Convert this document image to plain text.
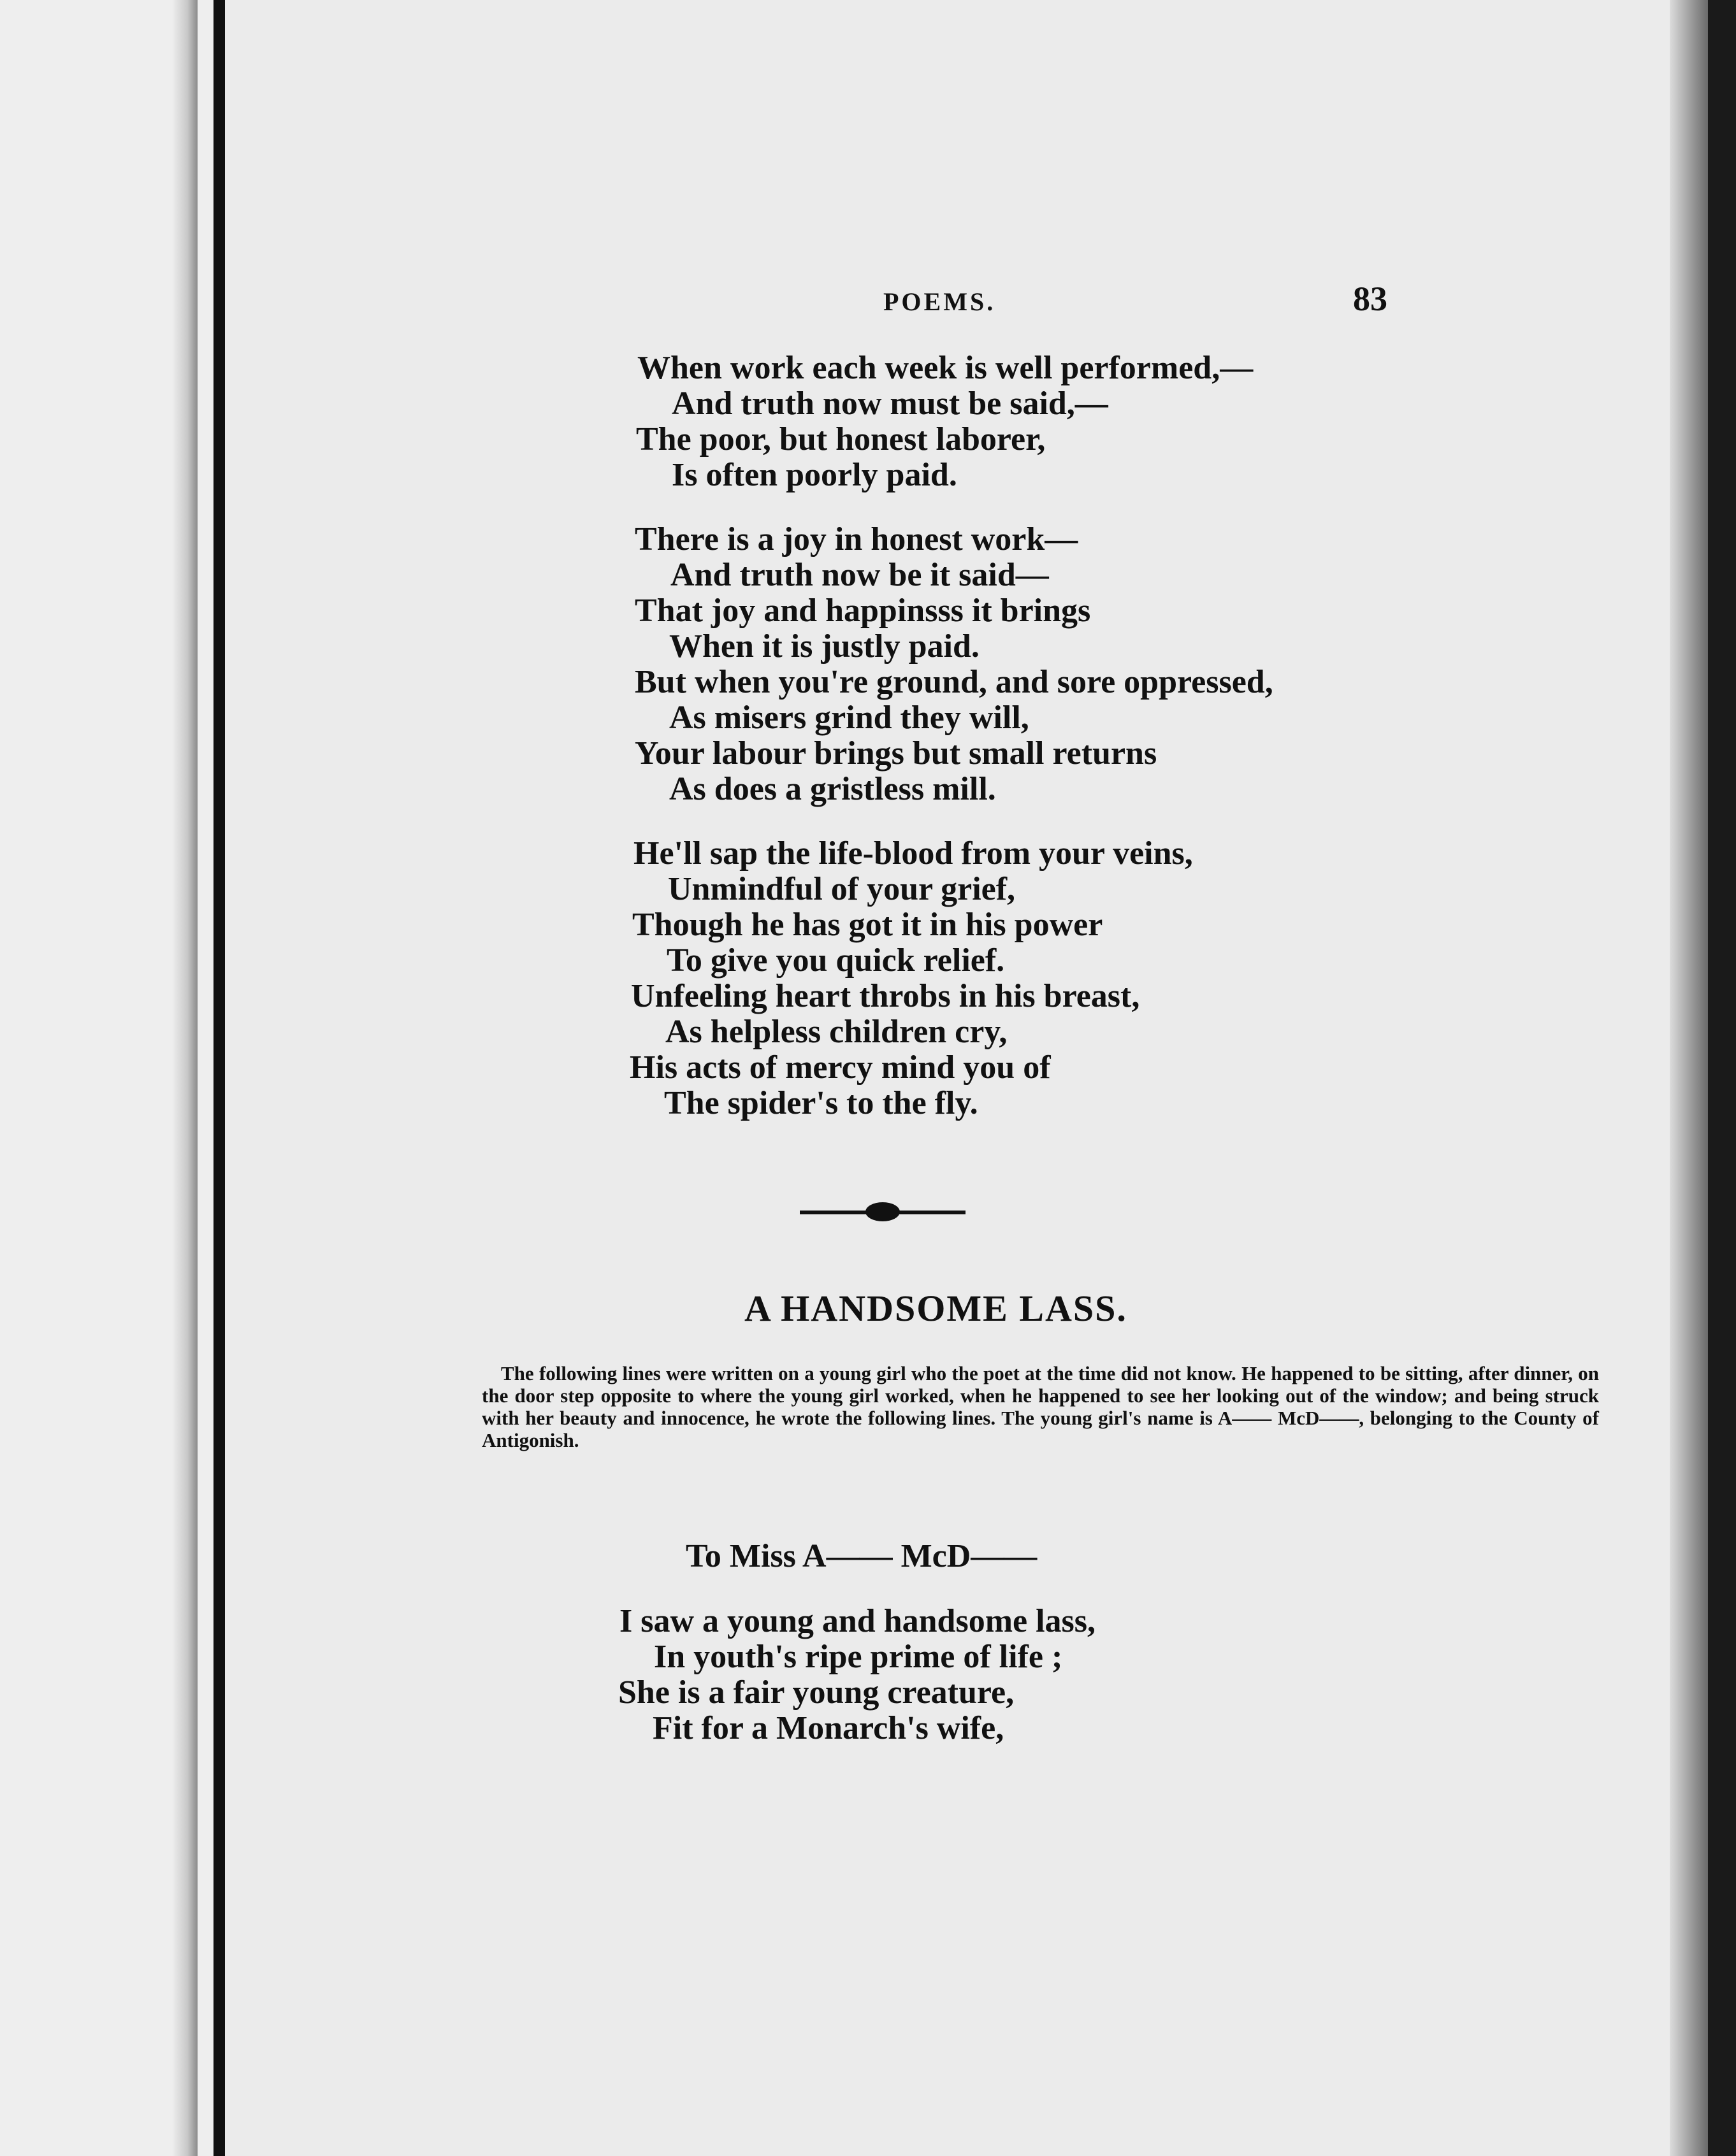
POEMS.	83
When work each week is well performed,—
And truth now must be said,—
The poor, but honest laborer,
Is often poorly paid.
There is a joy in honest work—
And truth now be it said—
That joy and happinsss it brings
When it is justly paid.
But when you're ground, and sore oppressed,
As misers grind they will,
Your labour brings but small returns
As does a gristless mill.
He'll sap the life-blood from your veins,
Unmindful of your grief,
Though he has got it in his power
To give you quick relief.
Unfeeling heart throbs in his breast,
As helpless children cry,
His acts of mercy mind you of
The spider's to the fly.
A HANDSOME LASS.

The following lines were written on a young girl who the poet at the time did not know. He happened to be sitting, after dinner, on the door step opposite to where the young girl worked, when he happened to see her looking out of the window; and being struck with her beauty and innocence, he wrote the following lines. The young girl's name is A—— McD——, belonging to the County of Antigonish.

To Miss A—— McD——
I saw a young and handsome lass,
In youth's ripe prime of life ;
She is a fair young creature,
Fit for a Monarch's wife,
